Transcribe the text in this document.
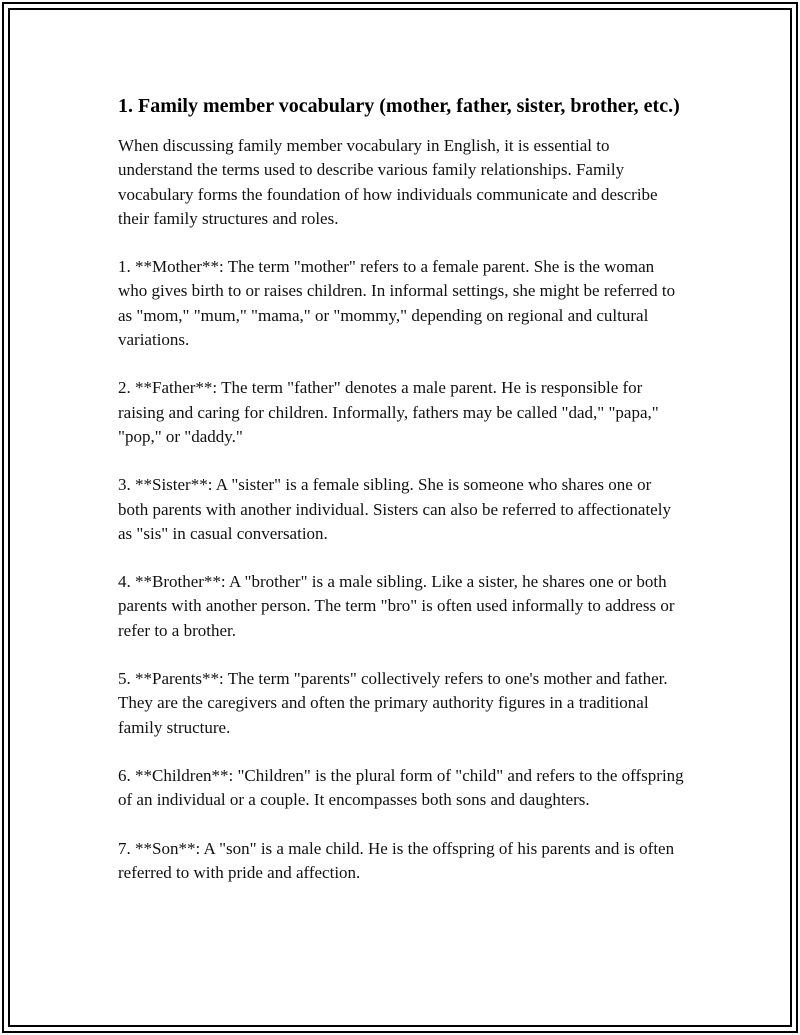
1. Family member vocabulary (mother, father, sister, brother, etc.)

When discussing family member vocabulary in English, it is essential to understand the terms used to describe various family relationships. Family vocabulary forms the foundation of how individuals communicate and describe their family structures and roles.

1. **Mother**: The term "mother" refers to a female parent. She is the woman who gives birth to or raises children. In informal settings, she might be referred to as "mom," "mum," "mama," or "mommy," depending on regional and cultural variations.

2. **Father**: The term "father" denotes a male parent. He is responsible for raising and caring for children. Informally, fathers may be called "dad," "papa," "pop," or "daddy."

3. **Sister**: A "sister" is a female sibling. She is someone who shares one or both parents with another individual. Sisters can also be referred to affectionately as "sis" in casual conversation.

4. **Brother**: A "brother" is a male sibling. Like a sister, he shares one or both parents with another person. The term "bro" is often used informally to address or refer to a brother.

5. **Parents**: The term "parents" collectively refers to one's mother and father. They are the caregivers and often the primary authority figures in a traditional family structure.

6. **Children**: "Children" is the plural form of "child" and refers to the offspring of an individual or a couple. It encompasses both sons and daughters.

7. **Son**: A "son" is a male child. He is the offspring of his parents and is often referred to with pride and affection.
